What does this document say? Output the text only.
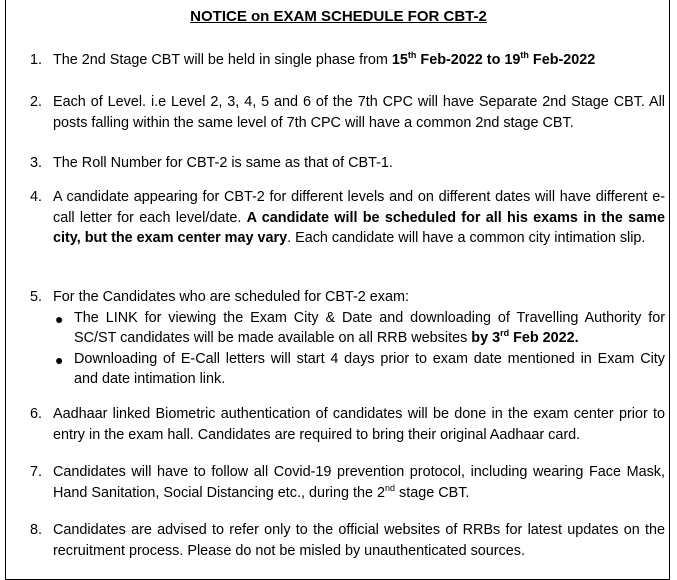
NOTICE on EXAM SCHEDULE FOR CBT-2
1. The 2nd Stage CBT will be held in single phase from 15th Feb-2022 to 19th Feb-2022
2. Each of Level. i.e Level 2, 3, 4, 5 and 6 of the 7th CPC will have Separate 2nd Stage CBT. All posts falling within the same level of 7th CPC will have a common 2nd stage CBT.
3. The Roll Number for CBT-2 is same as that of CBT-1.
4. A candidate appearing for CBT-2 for different levels and on different dates will have different e-call letter for each level/date. A candidate will be scheduled for all his exams in the same city, but the exam center may vary. Each candidate will have a common city intimation slip.
5. For the Candidates who are scheduled for CBT-2 exam:
● The LINK for viewing the Exam City & Date and downloading of Travelling Authority for SC/ST candidates will be made available on all RRB websites by 3rd Feb 2022.
● Downloading of E-Call letters will start 4 days prior to exam date mentioned in Exam City and date intimation link.
6. Aadhaar linked Biometric authentication of candidates will be done in the exam center prior to entry in the exam hall. Candidates are required to bring their original Aadhaar card.
7. Candidates will have to follow all Covid-19 prevention protocol, including wearing Face Mask, Hand Sanitation, Social Distancing etc., during the 2nd stage CBT.
8. Candidates are advised to refer only to the official websites of RRBs for latest updates on the recruitment process. Please do not be misled by unauthenticated sources.
